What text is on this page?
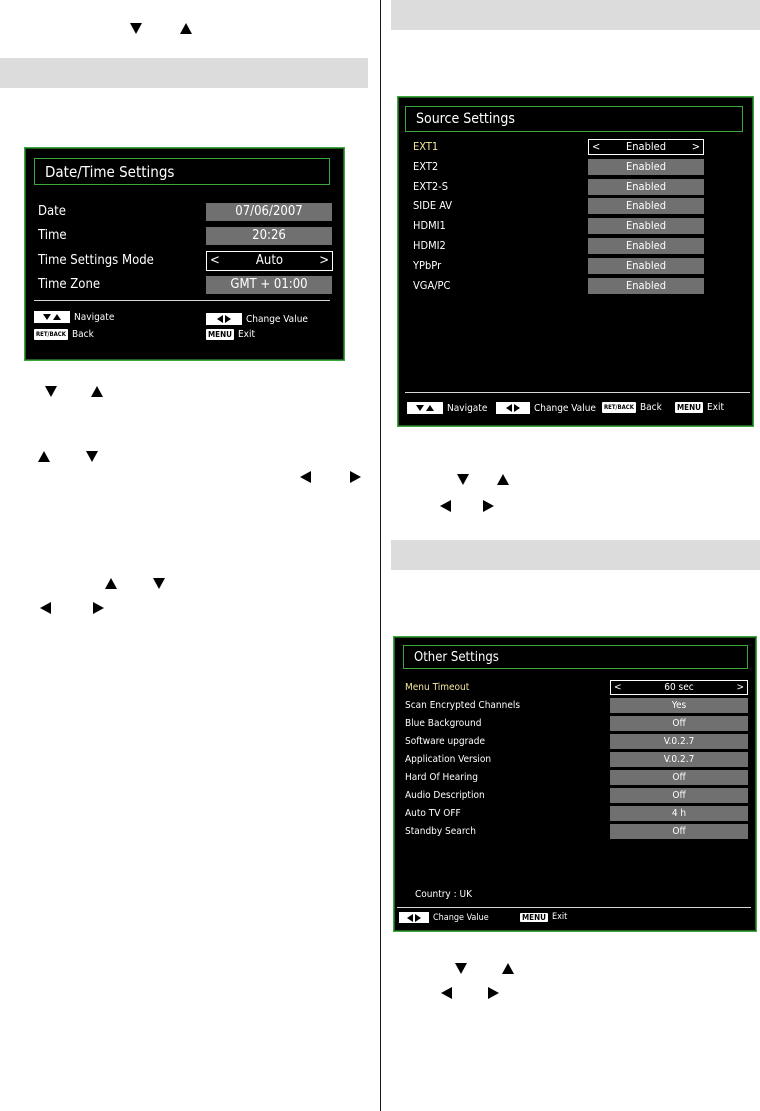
Date/Time Settings
Date	07/06/2007
Time	20:26
Time Settings Mode	<	Auto	>
Time Zone	GMT + 01:00
Navigate
RET/BACK Back
Change Value
MENU Exit
Source Settings
EXT1	< Enabled >
EXT2	Enabled
EXT2-S	Enabled
SIDE AV	Enabled
HDMI1	Enabled
HDMI2	Enabled
YPbPr	Enabled
VGA/PC	Enabled
Navigate	Change Value	RET/BACK Back MENU Exit
Other Settings
Menu Timeout	<	60 sec	>
Scan Encrypted Channels	Yes
Blue Background	Off
Software upgrade	V.0.2.7
Application Version	V.0.2.7
Hard Of Hearing	Off
Audio Description	Off
Auto TV OFF	4 h
Standby Search	Off
Country : UK
Change Value	MENU Exit
